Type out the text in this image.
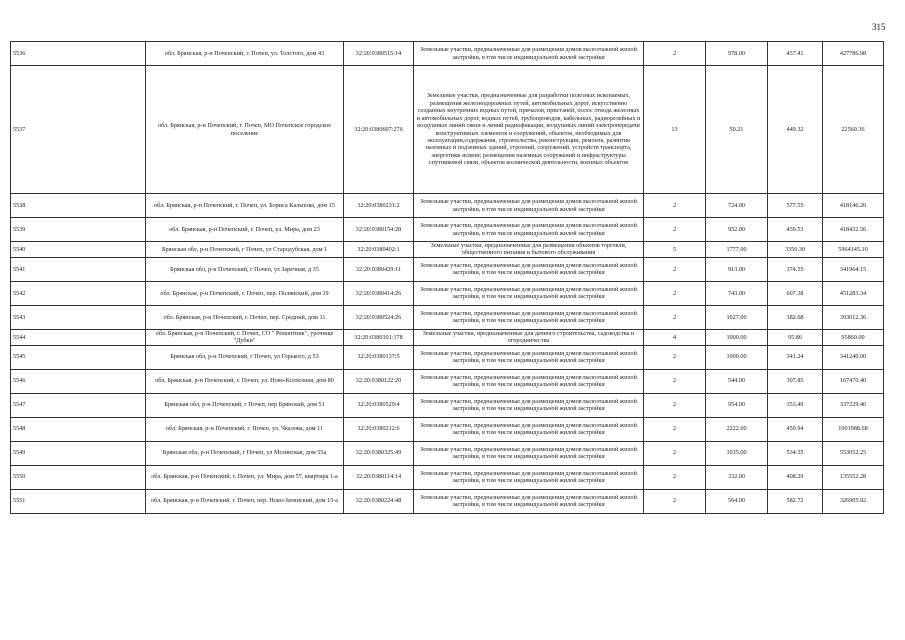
315
5536	обл. Брянская, р-н Почепский, г. Почеп, ул. Толстого, дом 43	32:20:0380515:14	Земельные участки, предназначенные для размещения домов малоэтажной жилой застройки, в том числе индивидуальной жилой застройки	2	978.00	437.41	427786.98
5537	обл. Брянская, р-н Почепский, г. Почеп, МО Почепское городское поселение	32:20:0380607:276	Земельные участки, предназначенные для разработки полезных ископаемых, размещения железнодорожных путей, автомобильных дорог, искусственно созданных внутренних водных путей, причалов, пристаней, полос отвода железных и автомобильных дорог, водных путей, трубопроводов, кабельных, радиорелейных и воздушных линий связи и линий радиофикации, воздушных линий электропередачи конструктивных элементов и сооружений, объектов, необходимых для эксплуатации,содержания, строительства, реконструкции, ремонта, развития наземных и подземных зданий, строений, сооружений, устройств транспорта, энергетики исвязи; размещения наземных сооружений и инфраструктуры спутниковой связи, объектов космической деятельности, военных объектов	13	50.21	449.32	22560.36
5538	обл. Брянская, р-н Почепский, г. Почеп, ул. Бориса Кальпова, дом 15	32:20:0380231:2	Земельные участки, предназначенные для размещения домов малоэтажной жилой застройки, в том числе индивидуальной жилой застройки	2	724.00	577.55	418146.20
5539	обл. Брянская, р-н Почепский, г. Почеп, ул. Мира, дом 23	32:20:0380154:28	Земельные участки, предназначенные для размещения домов малоэтажной жилой застройки, в том числе индивидуальной жилой застройки	2	952.00	439.53	418432.56
5540	Брянская обл, р-н Почепский, г Почеп, ул Стародубская, дом 1	32:20:0380402:1	Земельные участки, предназначенные для размещения объектов торговли, общественного питания и бытового обслуживания	5	1777.00	3356.30	5964145.10
5541	Брянская обл, р-н Почепский, г Почеп, ул Заречная, д 35	32:20:0380429:11	Земельные участки, предназначенные для размещения домов малоэтажной жилой застройки, в том числе индивидуальной жилой застройки	2	913.00	374.55	341964.15
5542	обл. Брянская, р-н Почепский, г. Почеп, пер. Полянский, дом 19	32:20:0380414:26	Земельные участки, предназначенные для размещения домов малоэтажной жилой застройки, в том числе индивидуальной жилой застройки	2	743.00	607.38	451283.34
5543	обл. Брянская, р-н Почепский, г. Почеп, пер. Средний, дом 11	32:20:0380524:26	Земельные участки, предназначенные для размещения домов малоэтажной жилой застройки, в том числе индивидуальной жилой застройки	2	1027.00	382.68	393012.36
5544	обл. Брянская, р-н Почепский, г. Почеп, СО " Ремонтник", урочище "Дубки"	32:20:0380101:178	Земельные участки, предназначенные для дачного строительства, садоводства и огородничества	4	1000.00	95.86	95860.00
5545	Брянская обл, р-н Почепский, г Почеп, ул Горького, д 53	32:20:0380137:5	Земельные участки, предназначенные для размещения домов малоэтажной жилой застройки, в том числе индивидуальной жилой застройки	2	1000.00	341.24	341240.00
5546	обл. Брянская, р-н Почепский, г. Почеп, ул. Ново-Колхозная, дом 80	32:20:0380122:20	Земельные участки, предназначенные для размещения домов малоэтажной жилой застройки, в том числе индивидуальной жилой застройки	2	544.00	307.85	167470.40
5547	Брянская обл, р-н Почепский, г Почеп, пер Брянский, дом 51	32:20:0380529:4	Земельные участки, предназначенные для размещения домов малоэтажной жилой застройки, в том числе индивидуальной жилой застройки	2	954.00	353.49	337229.46
5548	обл. Брянская, р-н Почепский, г. Почеп, ул. Чкалова, дом 11	32:20:0380212:6	Земельные участки, предназначенные для размещения домов малоэтажной жилой застройки, в том числе индивидуальной жилой застройки	2	2222.00	450.94	1001988.68
5549	Брянская обл, р-н Почепский, г Почеп, ул Мглинская, дом 55а	32:20:0380325:49	Земельные участки, предназначенные для размещения домов малоэтажной жилой застройки, в том числе индивидуальной жилой застройки	2	1035.00	534.35	553052.25
5550	обл. Брянская, р-н Почепский, г. Почеп, ул. Мира, дом 57, квартира 1-а	32:20:0380114:14	Земельные участки, предназначенные для размещения домов малоэтажной жилой застройки, в том числе индивидуальной жилой застройки	2	332.00	408.29	135552.28
5551	обл. Брянская, р-н Почепский, г. Почеп, пер. Ново-Затинский, дом 15-а	32:20:0380224:48	Земельные участки, предназначенные для размещения домов малоэтажной жилой застройки, в том числе индивидуальной жилой застройки	2	564.00	582.72	326905.92
